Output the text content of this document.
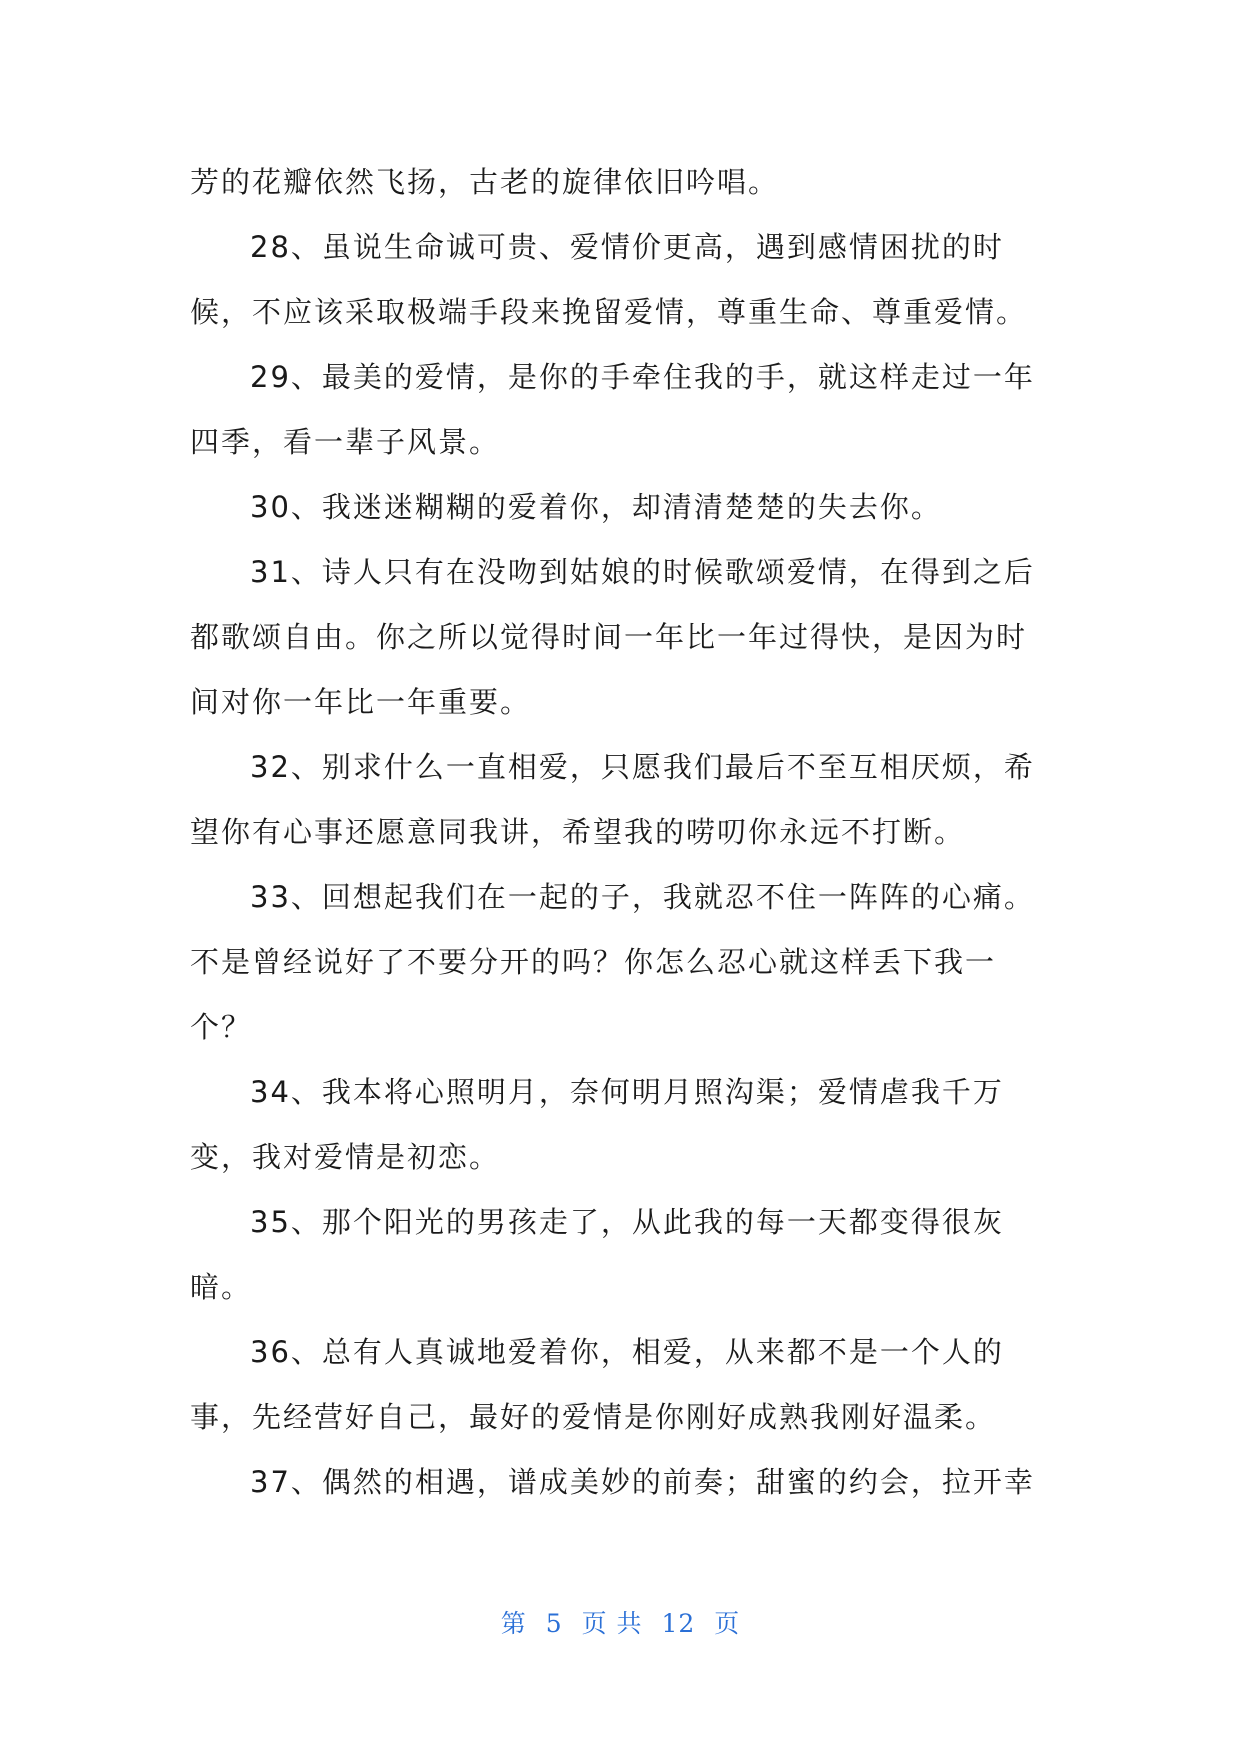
芳的花瓣依然飞扬，古老的旋律依旧吟唱。
28、虽说生命诚可贵、爱情价更高，遇到感情困扰的时
候，不应该采取极端手段来挽留爱情，尊重生命、尊重爱情。
29、最美的爱情，是你的手牵住我的手，就这样走过一年
四季，看一辈子风景。
30、我迷迷糊糊的爱着你，却清清楚楚的失去你。
31、诗人只有在没吻到姑娘的时候歌颂爱情，在得到之后
都歌颂自由。你之所以觉得时间一年比一年过得快，是因为时
间对你一年比一年重要。
32、别求什么一直相爱，只愿我们最后不至互相厌烦，希
望你有心事还愿意同我讲，希望我的唠叨你永远不打断。
33、回想起我们在一起的子，我就忍不住一阵阵的心痛。
不是曾经说好了不要分开的吗？你怎么忍心就这样丢下我一
个？
34、我本将心照明月，奈何明月照沟渠；爱情虐我千万
变，我对爱情是初恋。
35、那个阳光的男孩走了，从此我的每一天都变得很灰
暗。
36、总有人真诚地爱着你，相爱，从来都不是一个人的
事，先经营好自己，最好的爱情是你刚好成熟我刚好温柔。
37、偶然的相遇，谱成美妙的前奏；甜蜜的约会，拉开幸
第 5 页 共 12 页
